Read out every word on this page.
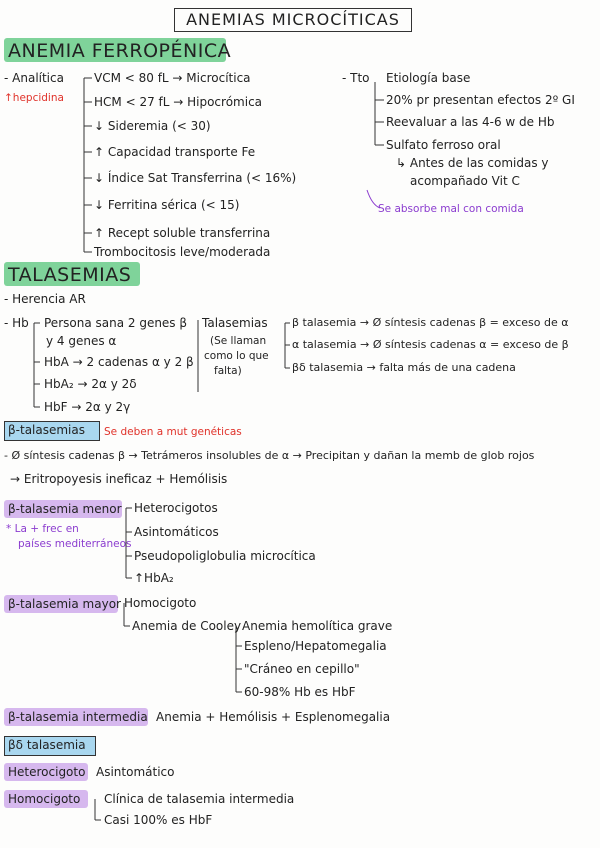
ANEMIAS MICROCÍTICAS
ANEMIA FERROPÉNICA
- Analítica
↑hepcidina
VCM < 80 fL → Microcítica
HCM < 27 fL → Hipocrómica
↓ Sideremia (< 30)
↑ Capacidad transporte Fe
↓ Índice Sat Transferrina (< 16%)
↓ Ferritina sérica (< 15)
↑ Recept soluble transferrina
Trombocitosis leve/moderada
- Tto Etiología base
20% pr presentan efectos 2º GI
Reevaluar a las 4-6 w de Hb
Sulfato ferroso oral
↳ Antes de las comidas y
acompañado Vit C
Se absorbe mal con comida
TALASEMIAS
- Herencia AR
- Hb Persona sana 2 genes β
y 4 genes α
HbA → 2 cadenas α y 2 β
HbA₂ → 2α y 2δ
HbF → 2α y 2γ
Talasemias
(Se llaman
como lo que
falta)
β talasemia → Ø síntesis cadenas β = exceso de α
α talasemia → Ø síntesis cadenas α = exceso de β
βδ talasemia → falta más de una cadena
β-talasemias Se deben a mut genéticas
- Ø síntesis cadenas β → Tetrámeros insolubles de α → Precipitan y dañan la memb de glob rojos
→ Eritropoyesis ineficaz + Hemólisis
β-talasemia menor
* La + frec en
países mediterráneos
Heterocigotos
Asintomáticos
Pseudopoliglobulia microcítica
↑HbA₂
β-talasemia mayor Homocigoto
Anemia de Cooley Anemia hemolítica grave
Espleno/Hepatomegalia
"Cráneo en cepillo"
60-98% Hb es HbF
β-talasemia intermedia Anemia + Hemólisis + Esplenomegalia
βδ talasemia
Heterocigoto Asintomático
Homocigoto Clínica de talasemia intermedia
Casi 100% es HbF
